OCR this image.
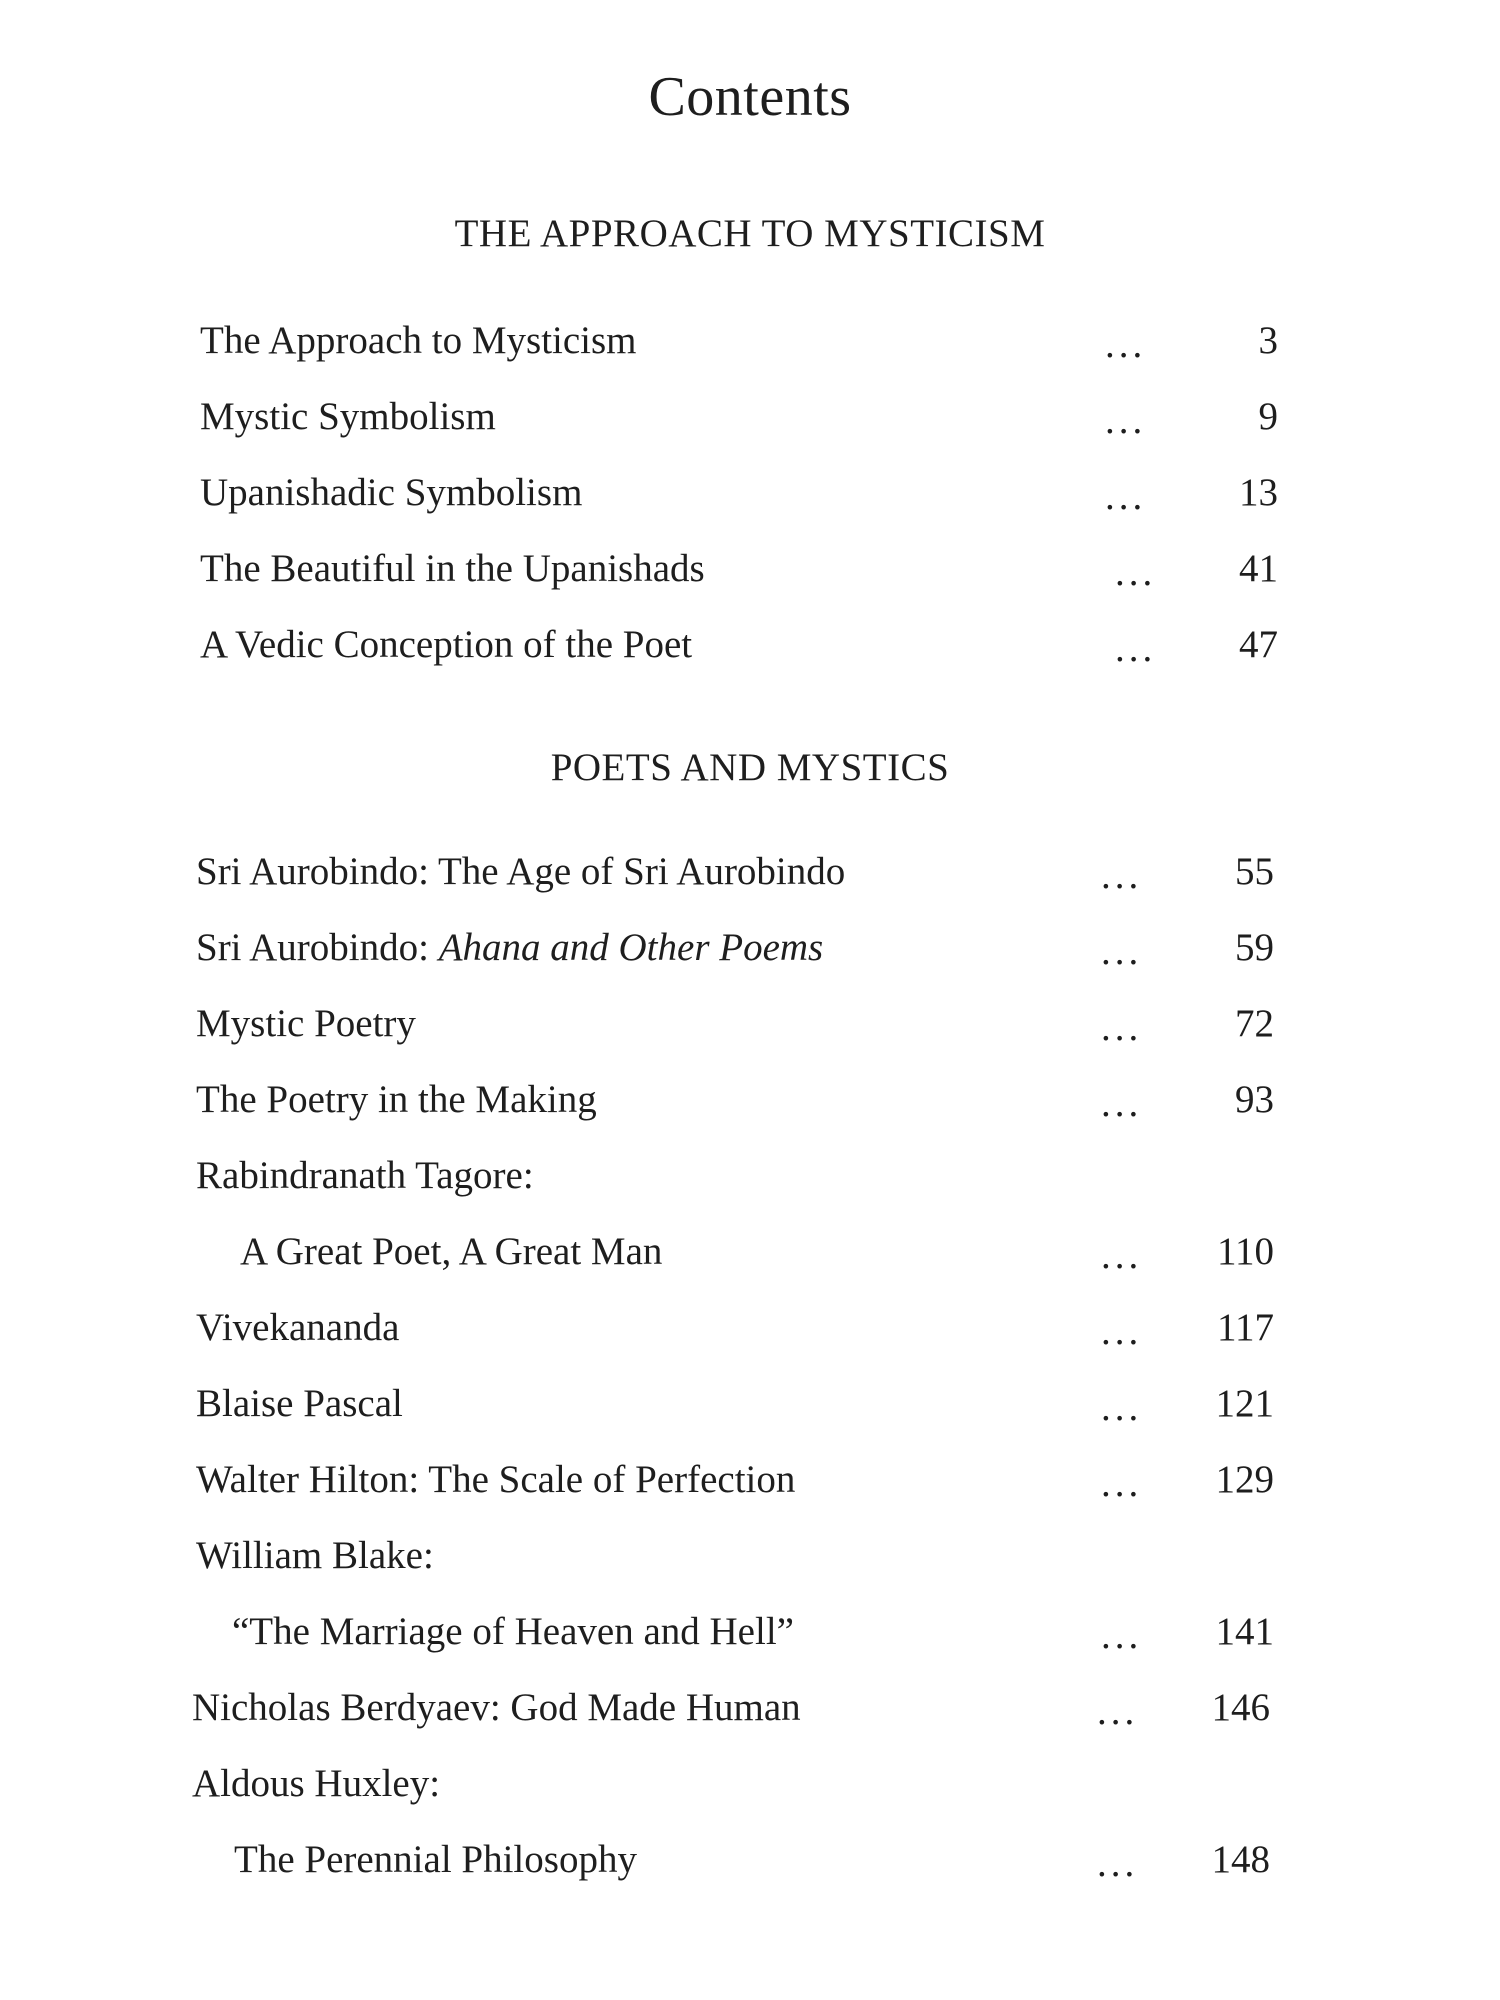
Contents
THE APPROACH TO MYSTICISM
The Approach to Mysticism	...	3
Mystic Symbolism	...	9
Upanishadic Symbolism	...	13
The Beautiful in the Upanishads	...	41
A Vedic Conception of the Poet	...	47
POETS AND MYSTICS
Sri Aurobindo: The Age of Sri Aurobindo	...	55
Sri Aurobindo: Ahana and Other Poems	...	59
Mystic Poetry	...	72
The Poetry in the Making	...	93
Rabindranath Tagore:
A Great Poet, A Great Man	...	110
Vivekananda	...	117
Blaise Pascal	...	121
Walter Hilton: The Scale of Perfection	...	129
William Blake:
“The Marriage of Heaven and Hell”	...	141
Nicholas Berdyaev: God Made Human	...	146
Aldous Huxley:
The Perennial Philosophy	...	148
